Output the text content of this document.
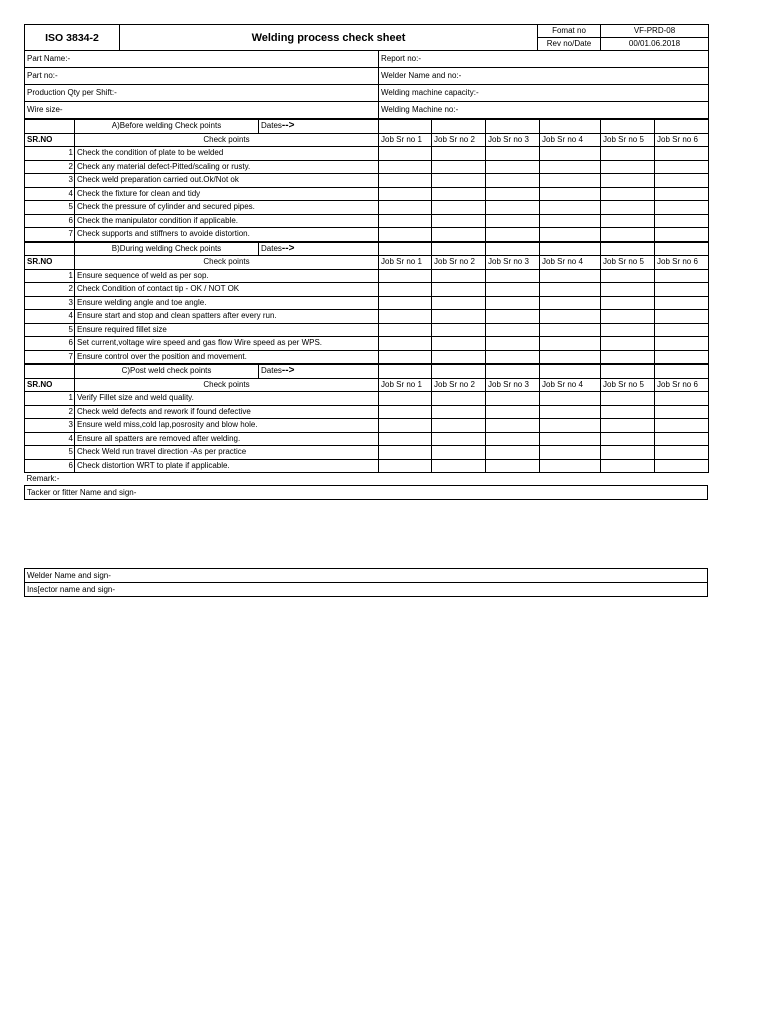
ISO 3834-2	Welding process check sheet	Fomat no	VF-PRD-08
		Rev no/Date	00/01.06.2018
Part Name:-	Report no:-
Part no:-	Welder Name and no:-
Production Qty per Shift:-	Welding machine capacity:-
Wire size-	Welding Machine no:-
	A)Before welding Check points	Dates-->						
SR.NO	Check points		Job Sr no 1	Job Sr no 2	Job Sr no 3	Job Sr no 4	Job Sr no 5	Job Sr no 6
1	Check the condition of plate to be welded							
2	Check any material defect-Pitted/scaling or rusty.							
3	Check weld preparation carried out.Ok/Not ok							
4	Check the fixture for clean and tidy							
5	Check the pressure of cylinder and secured pipes.							
6	Check the manipulator condition if applicable.							
7	Check supports and stiffners to avoide distortion.							
	B)During welding Check points	Dates-->						
SR.NO	Check points		Job Sr no 1	Job Sr no 2	Job Sr no 3	Job Sr no 4	Job Sr no 5	Job Sr no 6
1	Ensure sequence of weld as per sop.							
2	Check Condition of contact tip - OK / NOT OK							
3	Ensure welding angle and toe angle.							
4	Ensure start and stop and clean spatters after every run.							
5	Ensure required fillet size							
6	Set current,voltage wire speed and gas flow Wire speed as per WPS.							
7	Ensure control over the position and movement.							
	C)Post weld check points	Dates-->						
SR.NO	Check points		Job Sr no 1	Job Sr no 2	Job Sr no 3	Job Sr no 4	Job Sr no 5	Job Sr no 6
1	Verify Fillet size and weld quality.							
2	Check weld defects and rework if found defective							
3	Ensure weld miss,cold lap,posrosity and blow hole.							
4	Ensure all spatters are removed after welding.							
5	Check Weld run travel direction -As per practice							
6	Check distortion WRT to plate if applicable.							
Remark:-
Tacker or fitter Name and sign-
Welder Name and sign-
Ins[ector name and sign-
